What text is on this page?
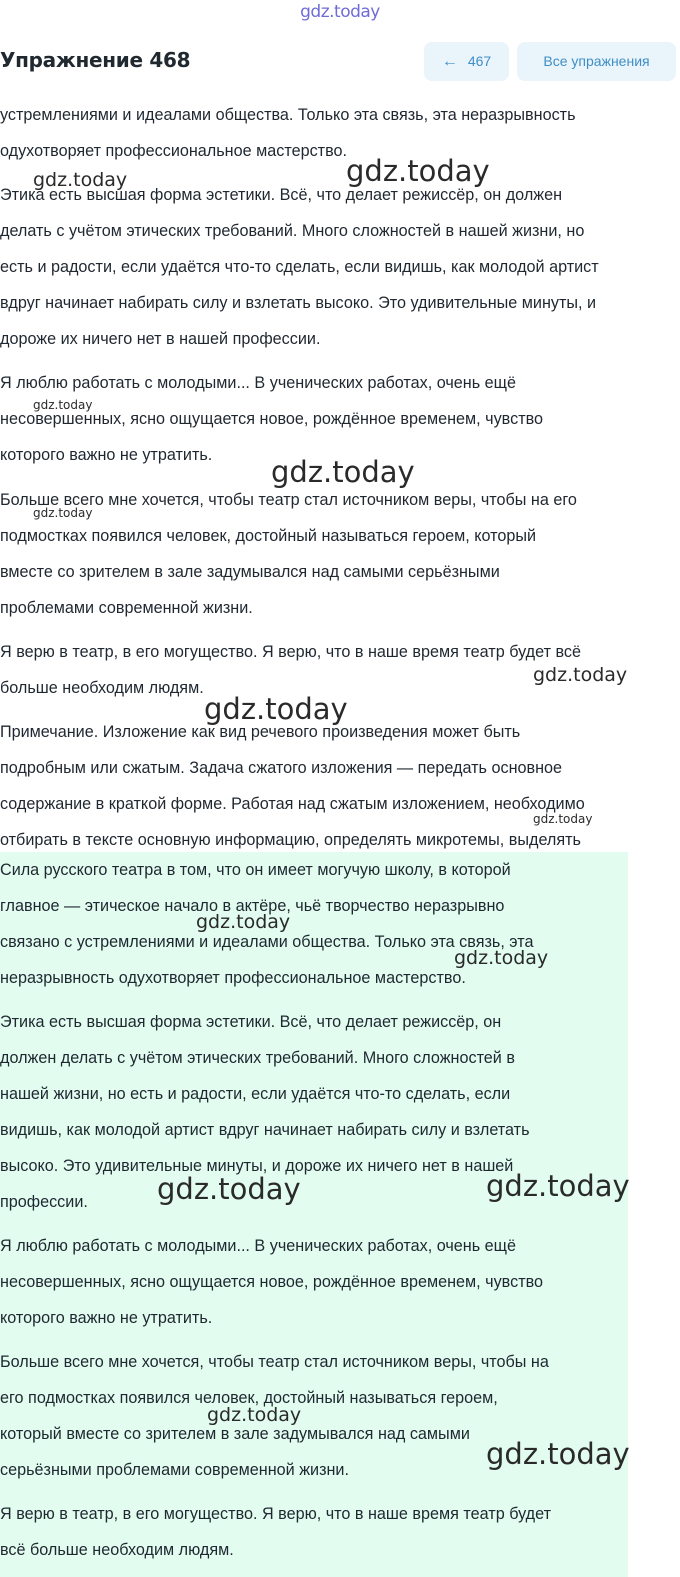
gdz.today
Упражнение 468	← 467	Все упражнения
устремлениями и идеалами общества. Только эта связь, эта неразрывность
одухотворяет профессиональное мастерство.
Этика есть высшая форма эстетики. Всё, что делает режиссёр, он должен
делать с учётом этических требований. Много сложностей в нашей жизни, но
есть и радости, если удаётся что-то сделать, если видишь, как молодой артист
вдруг начинает набирать силу и взлетать высоко. Это удивительные минуты, и
дороже их ничего нет в нашей профессии.
Я люблю работать с молодыми... В ученических работах, очень ещё
несовершенных, ясно ощущается новое, рождённое временем, чувство
которого важно не утратить.
Больше всего мне хочется, чтобы театр стал источником веры, чтобы на его
подмостках появился человек, достойный называться героем, который
вместе со зрителем в зале задумывался над самыми серьёзными
проблемами современной жизни.
Я верю в театр, в его могущество. Я верю, что в наше время театр будет всё
больше необходим людям.
Примечание. Изложение как вид речевого произведения может быть
подробным или сжатым. Задача сжатого изложения — передать основное
содержание в краткой форме. Работая над сжатым изложением, необходимо
отбирать в тексте основную информацию, определять микротемы, выделять
Сила русского театра в том, что он имеет могучую школу, в которой
главное — этическое начало в актёре, чьё творчество неразрывно
связано с устремлениями и идеалами общества. Только эта связь, эта
неразрывность одухотворяет профессиональное мастерство.
Этика есть высшая форма эстетики. Всё, что делает режиссёр, он
должен делать с учётом этических требований. Много сложностей в
нашей жизни, но есть и радости, если удаётся что-то сделать, если
видишь, как молодой артист вдруг начинает набирать силу и взлетать
высоко. Это удивительные минуты, и дороже их ничего нет в нашей
профессии.
Я люблю работать с молодыми... В ученических работах, очень ещё
несовершенных, ясно ощущается новое, рождённое временем, чувство
которого важно не утратить.
Больше всего мне хочется, чтобы театр стал источником веры, чтобы на
его подмостках появился человек, достойный называться героем,
который вместе со зрителем в зале задумывался над самыми
серьёзными проблемами современной жизни.
Я верю в театр, в его могущество. Я верю, что в наше время театр будет
всё больше необходим людям.
gdz.today	gdz.today
gdz.today
gdz.today
gdz.today
gdz.today
gdz.today
gdz.today
gdz.today
gdz.today
gdz.today	gdz.today
gdz.today
gdz.today
